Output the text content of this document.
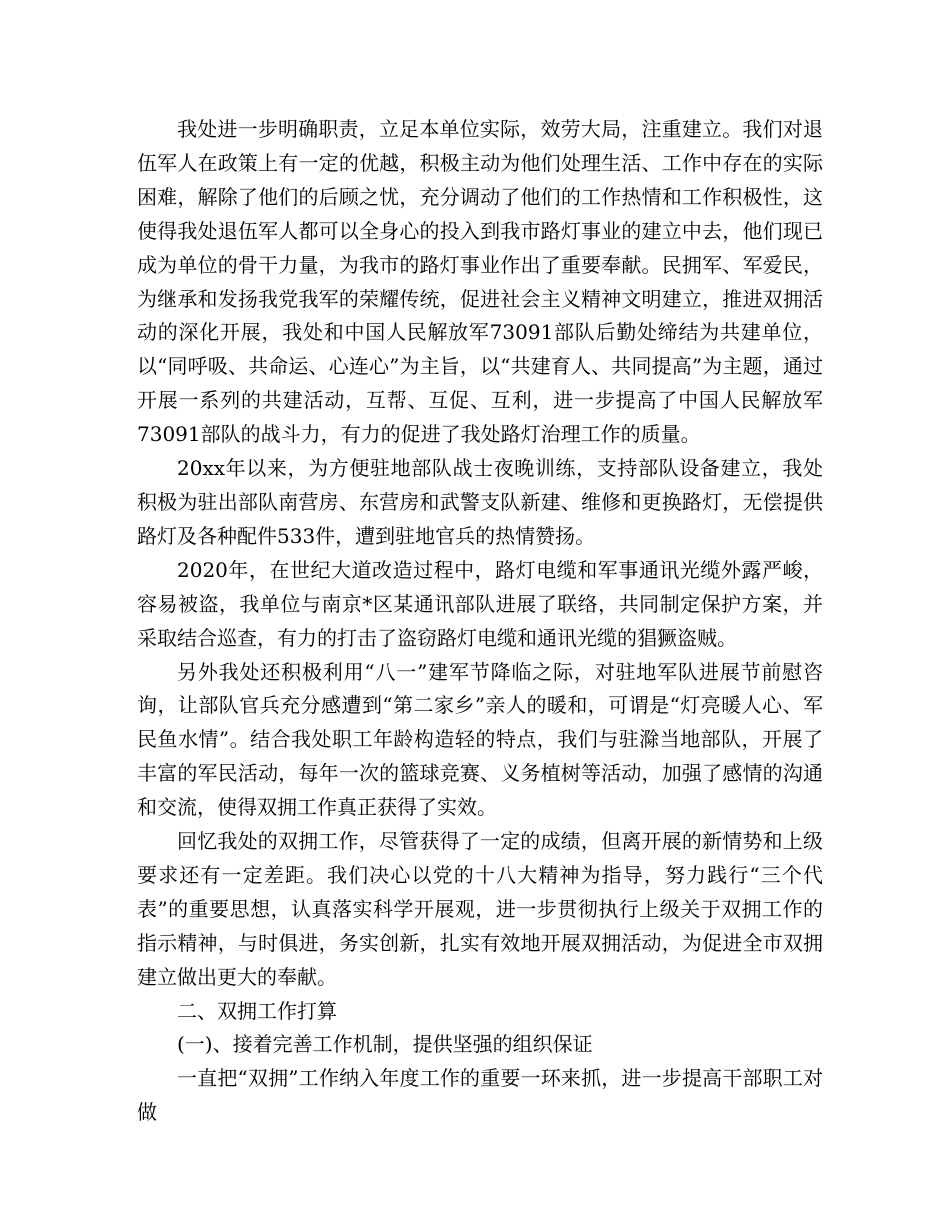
我处进一步明确职责，立足本单位实际，效劳大局，注重建立。我们对退伍军人在政策上有一定的优越，积极主动为他们处理生活、工作中存在的实际困难，解除了他们的后顾之忧，充分调动了他们的工作热情和工作积极性，这使得我处退伍军人都可以全身心的投入到我市路灯事业的建立中去，他们现已成为单位的骨干力量，为我市的路灯事业作出了重要奉献。民拥军、军爱民，为继承和发扬我党我军的荣耀传统，促进社会主义精神文明建立，推进双拥活动的深化开展，我处和中国人民解放军73091部队后勤处缔结为共建单位，以“同呼吸、共命运、心连心”为主旨，以“共建育人、共同提高”为主题，通过开展一系列的共建活动，互帮、互促、互利，进一步提高了中国人民解放军73091部队的战斗力，有力的促进了我处路灯治理工作的质量。

20xx年以来，为方便驻地部队战士夜晚训练，支持部队设备建立，我处积极为驻出部队南营房、东营房和武警支队新建、维修和更换路灯，无偿提供路灯及各种配件533件，遭到驻地官兵的热情赞扬。

2020年，在世纪大道改造过程中，路灯电缆和军事通讯光缆外露严峻，容易被盗，我单位与南京*区某通讯部队进展了联络，共同制定保护方案，并采取结合巡查，有力的打击了盗窃路灯电缆和通讯光缆的猖獗盗贼。

另外我处还积极利用“八一”建军节降临之际，对驻地军队进展节前慰咨询，让部队官兵充分感遭到“第二家乡”亲人的暖和，可谓是“灯亮暖人心、军民鱼水情”。结合我处职工年龄构造轻的特点，我们与驻滁当地部队，开展了丰富的军民活动，每年一次的篮球竞赛、义务植树等活动，加强了感情的沟通和交流，使得双拥工作真正获得了实效。

回忆我处的双拥工作，尽管获得了一定的成绩，但离开展的新情势和上级要求还有一定差距。我们决心以党的十八大精神为指导，努力践行“三个代表”的重要思想，认真落实科学开展观，进一步贯彻执行上级关于双拥工作的指示精神，与时俱进，务实创新，扎实有效地开展双拥活动，为促进全市双拥建立做出更大的奉献。

二、双拥工作打算

(一)、接着完善工作机制，提供坚强的组织保证

一直把“双拥”工作纳入年度工作的重要一环来抓，进一步提高干部职工对做
